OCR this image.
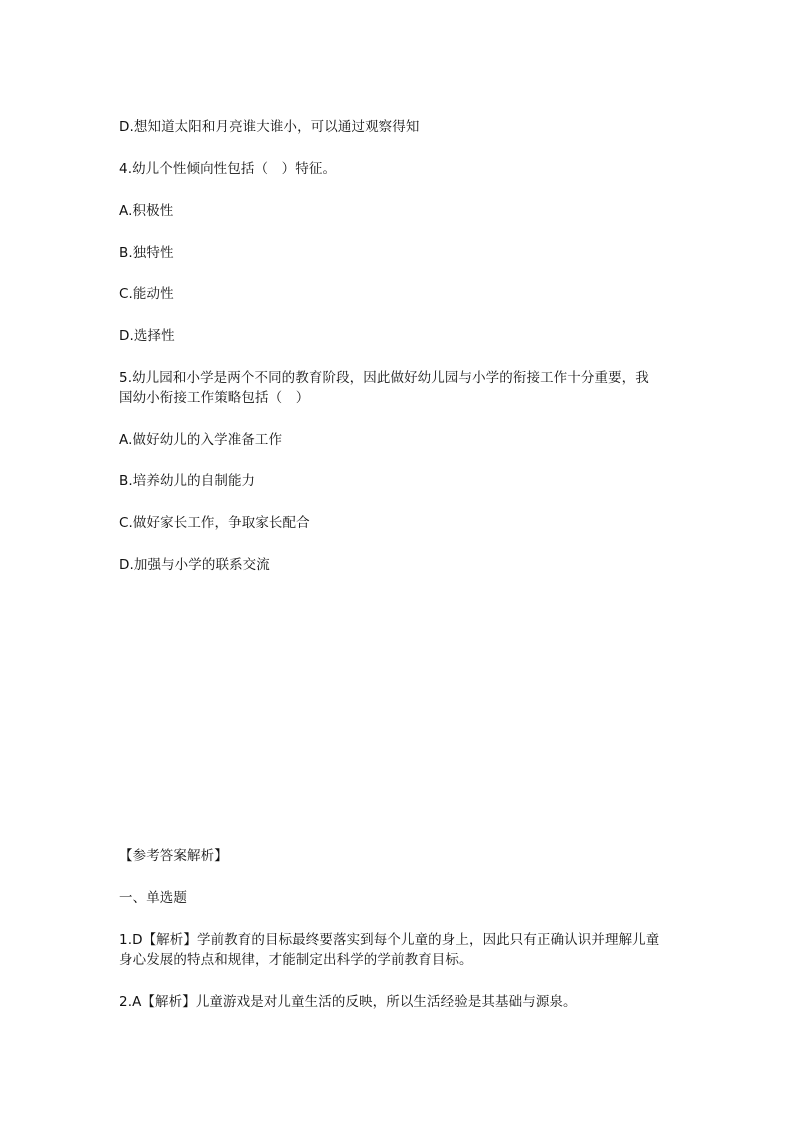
D.想知道太阳和月亮谁大谁小，可以通过观察得知
4.幼儿个性倾向性包括（　）特征。
A.积极性
B.独特性
C.能动性
D.选择性
5.幼儿园和小学是两个不同的教育阶段，因此做好幼儿园与小学的衔接工作十分重要，我
国幼小衔接工作策略包括（　）
A.做好幼儿的入学准备工作
B.培养幼儿的自制能力
C.做好家长工作，争取家长配合
D.加强与小学的联系交流
【参考答案解析】
一、单选题
1.D【解析】学前教育的目标最终要落实到每个儿童的身上，因此只有正确认识并理解儿童
身心发展的特点和规律，才能制定出科学的学前教育目标。
2.A【解析】儿童游戏是对儿童生活的反映，所以生活经验是其基础与源泉。
